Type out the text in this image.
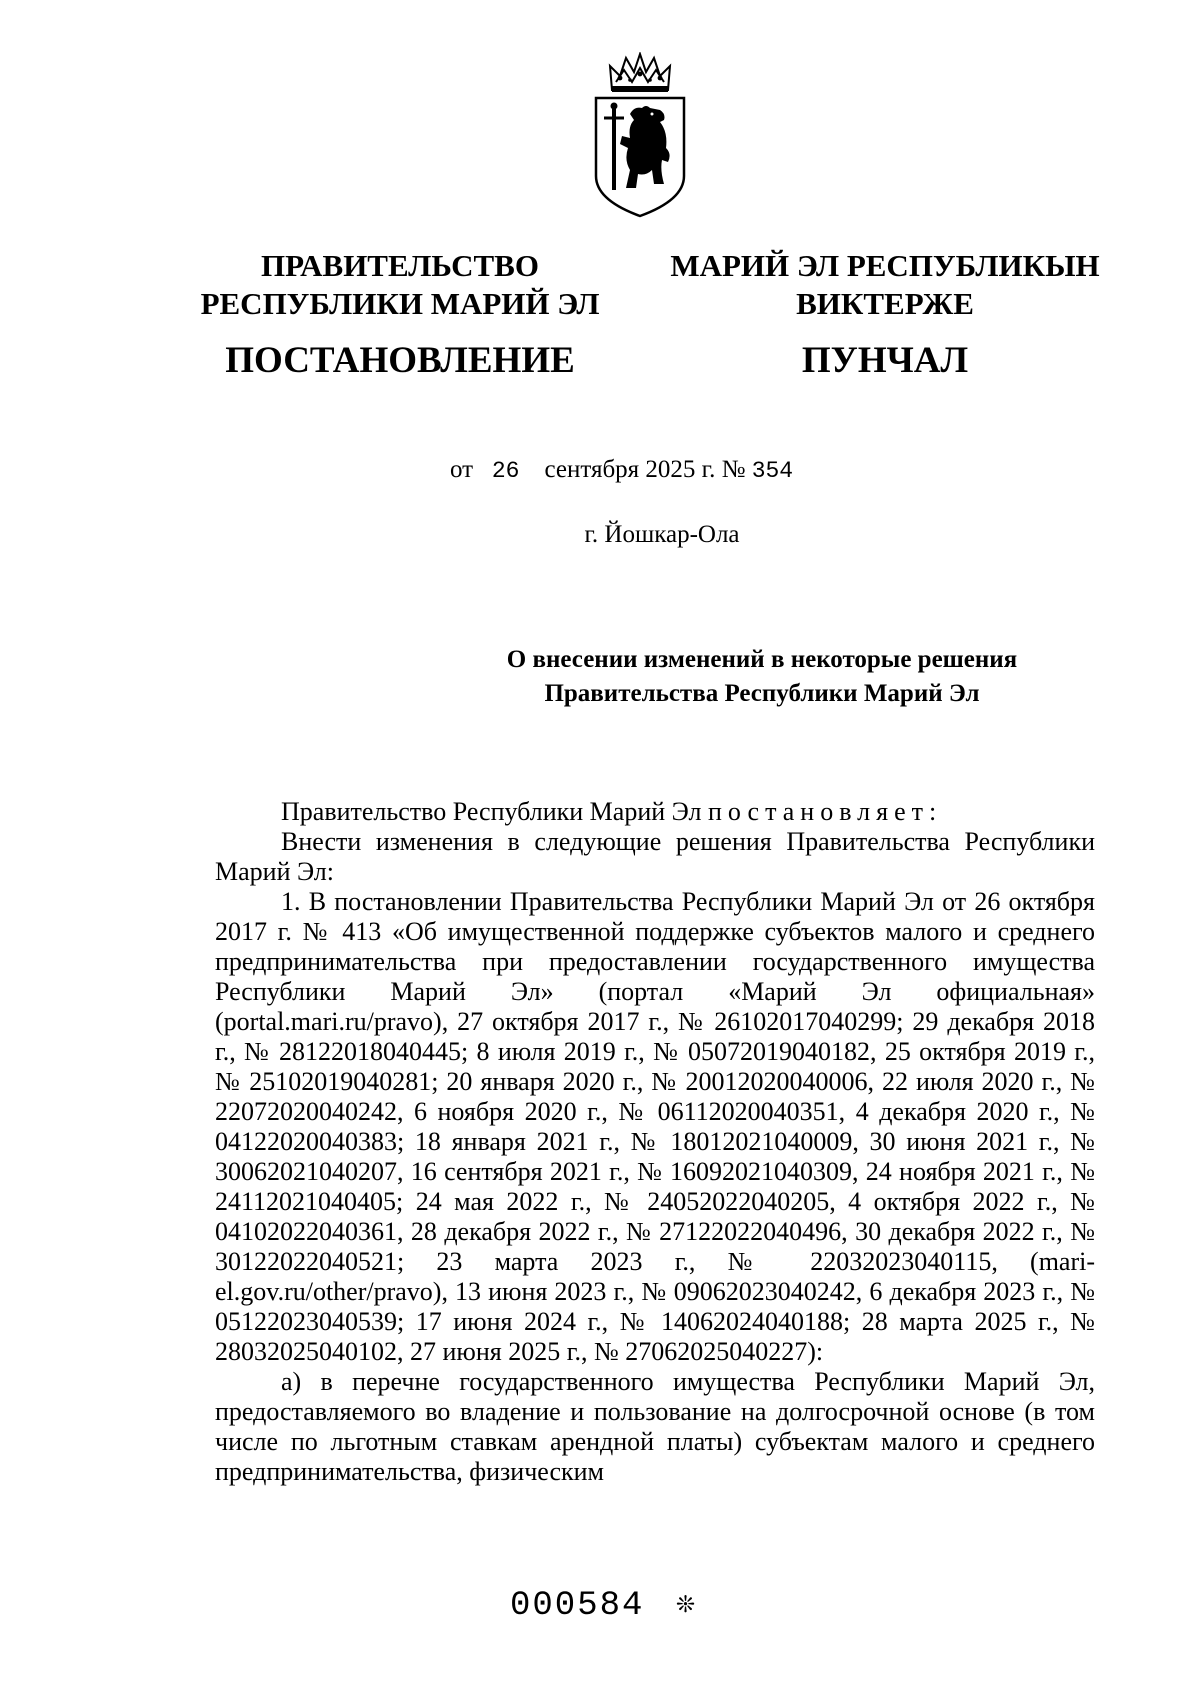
ПРАВИТЕЛЬСТВО
РЕСПУБЛИКИ МАРИЙ ЭЛ
ПОСТАНОВЛЕНИЕ
МАРИЙ ЭЛ РЕСПУБЛИКЫН
ВИКТЕРЖЕ
ПУНЧАЛ
от 26 сентября 2025 г. № 354
г. Йошкар-Ола
О внесении изменений в некоторые решения
Правительства Республики Марий Эл

Правительство Республики Марий Эл постановляет:

Внести изменения в следующие решения Правительства Республики Марий Эл:

1. В постановлении Правительства Республики Марий Эл от 26 октября 2017 г. № 413 «Об имущественной поддержке субъектов малого и среднего предпринимательства при предоставлении государственного имущества Республики Марий Эл» (портал «Марий Эл официальная» (portal.mari.ru/pravo), 27 октября 2017 г., № 26102017040299; 29 декабря 2018 г., № 28122018040445; 8 июля 2019 г., № 05072019040182, 25 октября 2019 г., № 25102019040281; 20 января 2020 г., № 20012020040006, 22 июля 2020 г., № 22072020040242, 6 ноября 2020 г., № 06112020040351, 4 декабря 2020 г., № 04122020040383; 18 января 2021 г., № 18012021040009, 30 июня 2021 г., № 30062021040207, 16 сентября 2021 г., № 16092021040309, 24 ноября 2021 г., № 24112021040405; 24 мая 2022 г., № 24052022040205, 4 октября 2022 г., № 04102022040361, 28 декабря 2022 г., № 27122022040496, 30 декабря 2022 г., № 30122022040521; 23 марта 2023 г., № 22032023040115, (mari-el.gov.ru/other/pravo), 13 июня 2023 г., № 09062023040242, 6 декабря 2023 г., № 05122023040539; 17 июня 2024 г., № 14062024040188; 28 марта 2025 г., № 28032025040102, 27 июня 2025 г., № 27062025040227):

а) в перечне государственного имущества Республики Марий Эл, предоставляемого во владение и пользование на долгосрочной основе (в том числе по льготным ставкам арендной платы) субъектам малого и среднего предпринимательства, физическим

000584 ❊
